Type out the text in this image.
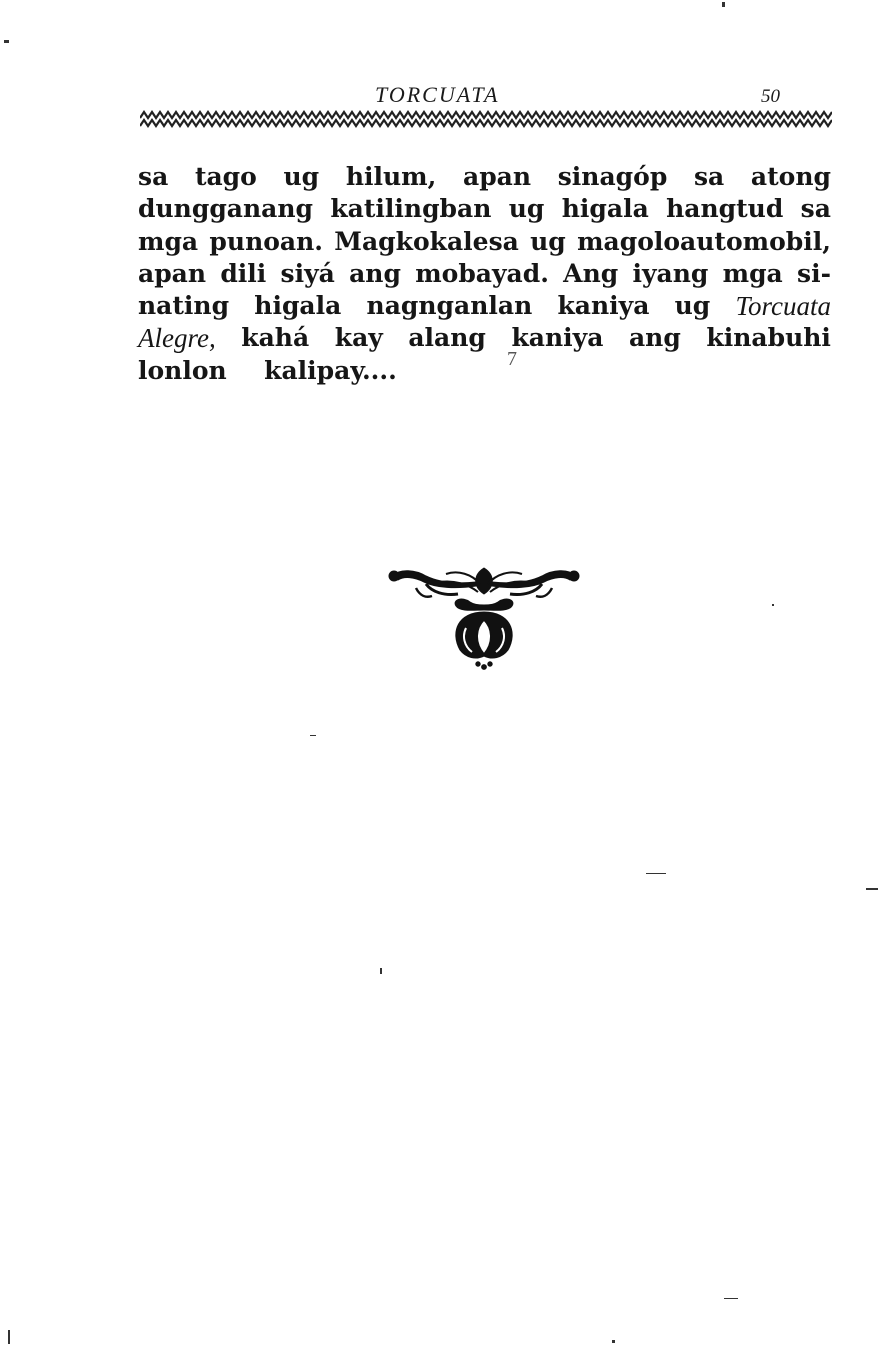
TORCUATA	50
sa tago ug hilum, apan sinagóp sa atong
dungganang katilingban ug higala hangtud sa
mga punoan. Magkokalesa ug magoloautomobil,
apan dili siyá ang mobayad. Ang iyang mga si-
nating higala nagnganlan kaniya ug Torcuata
Alegre, kahá kay alang kaniya ang kinabuhi
lonlon
kalipay....	7
